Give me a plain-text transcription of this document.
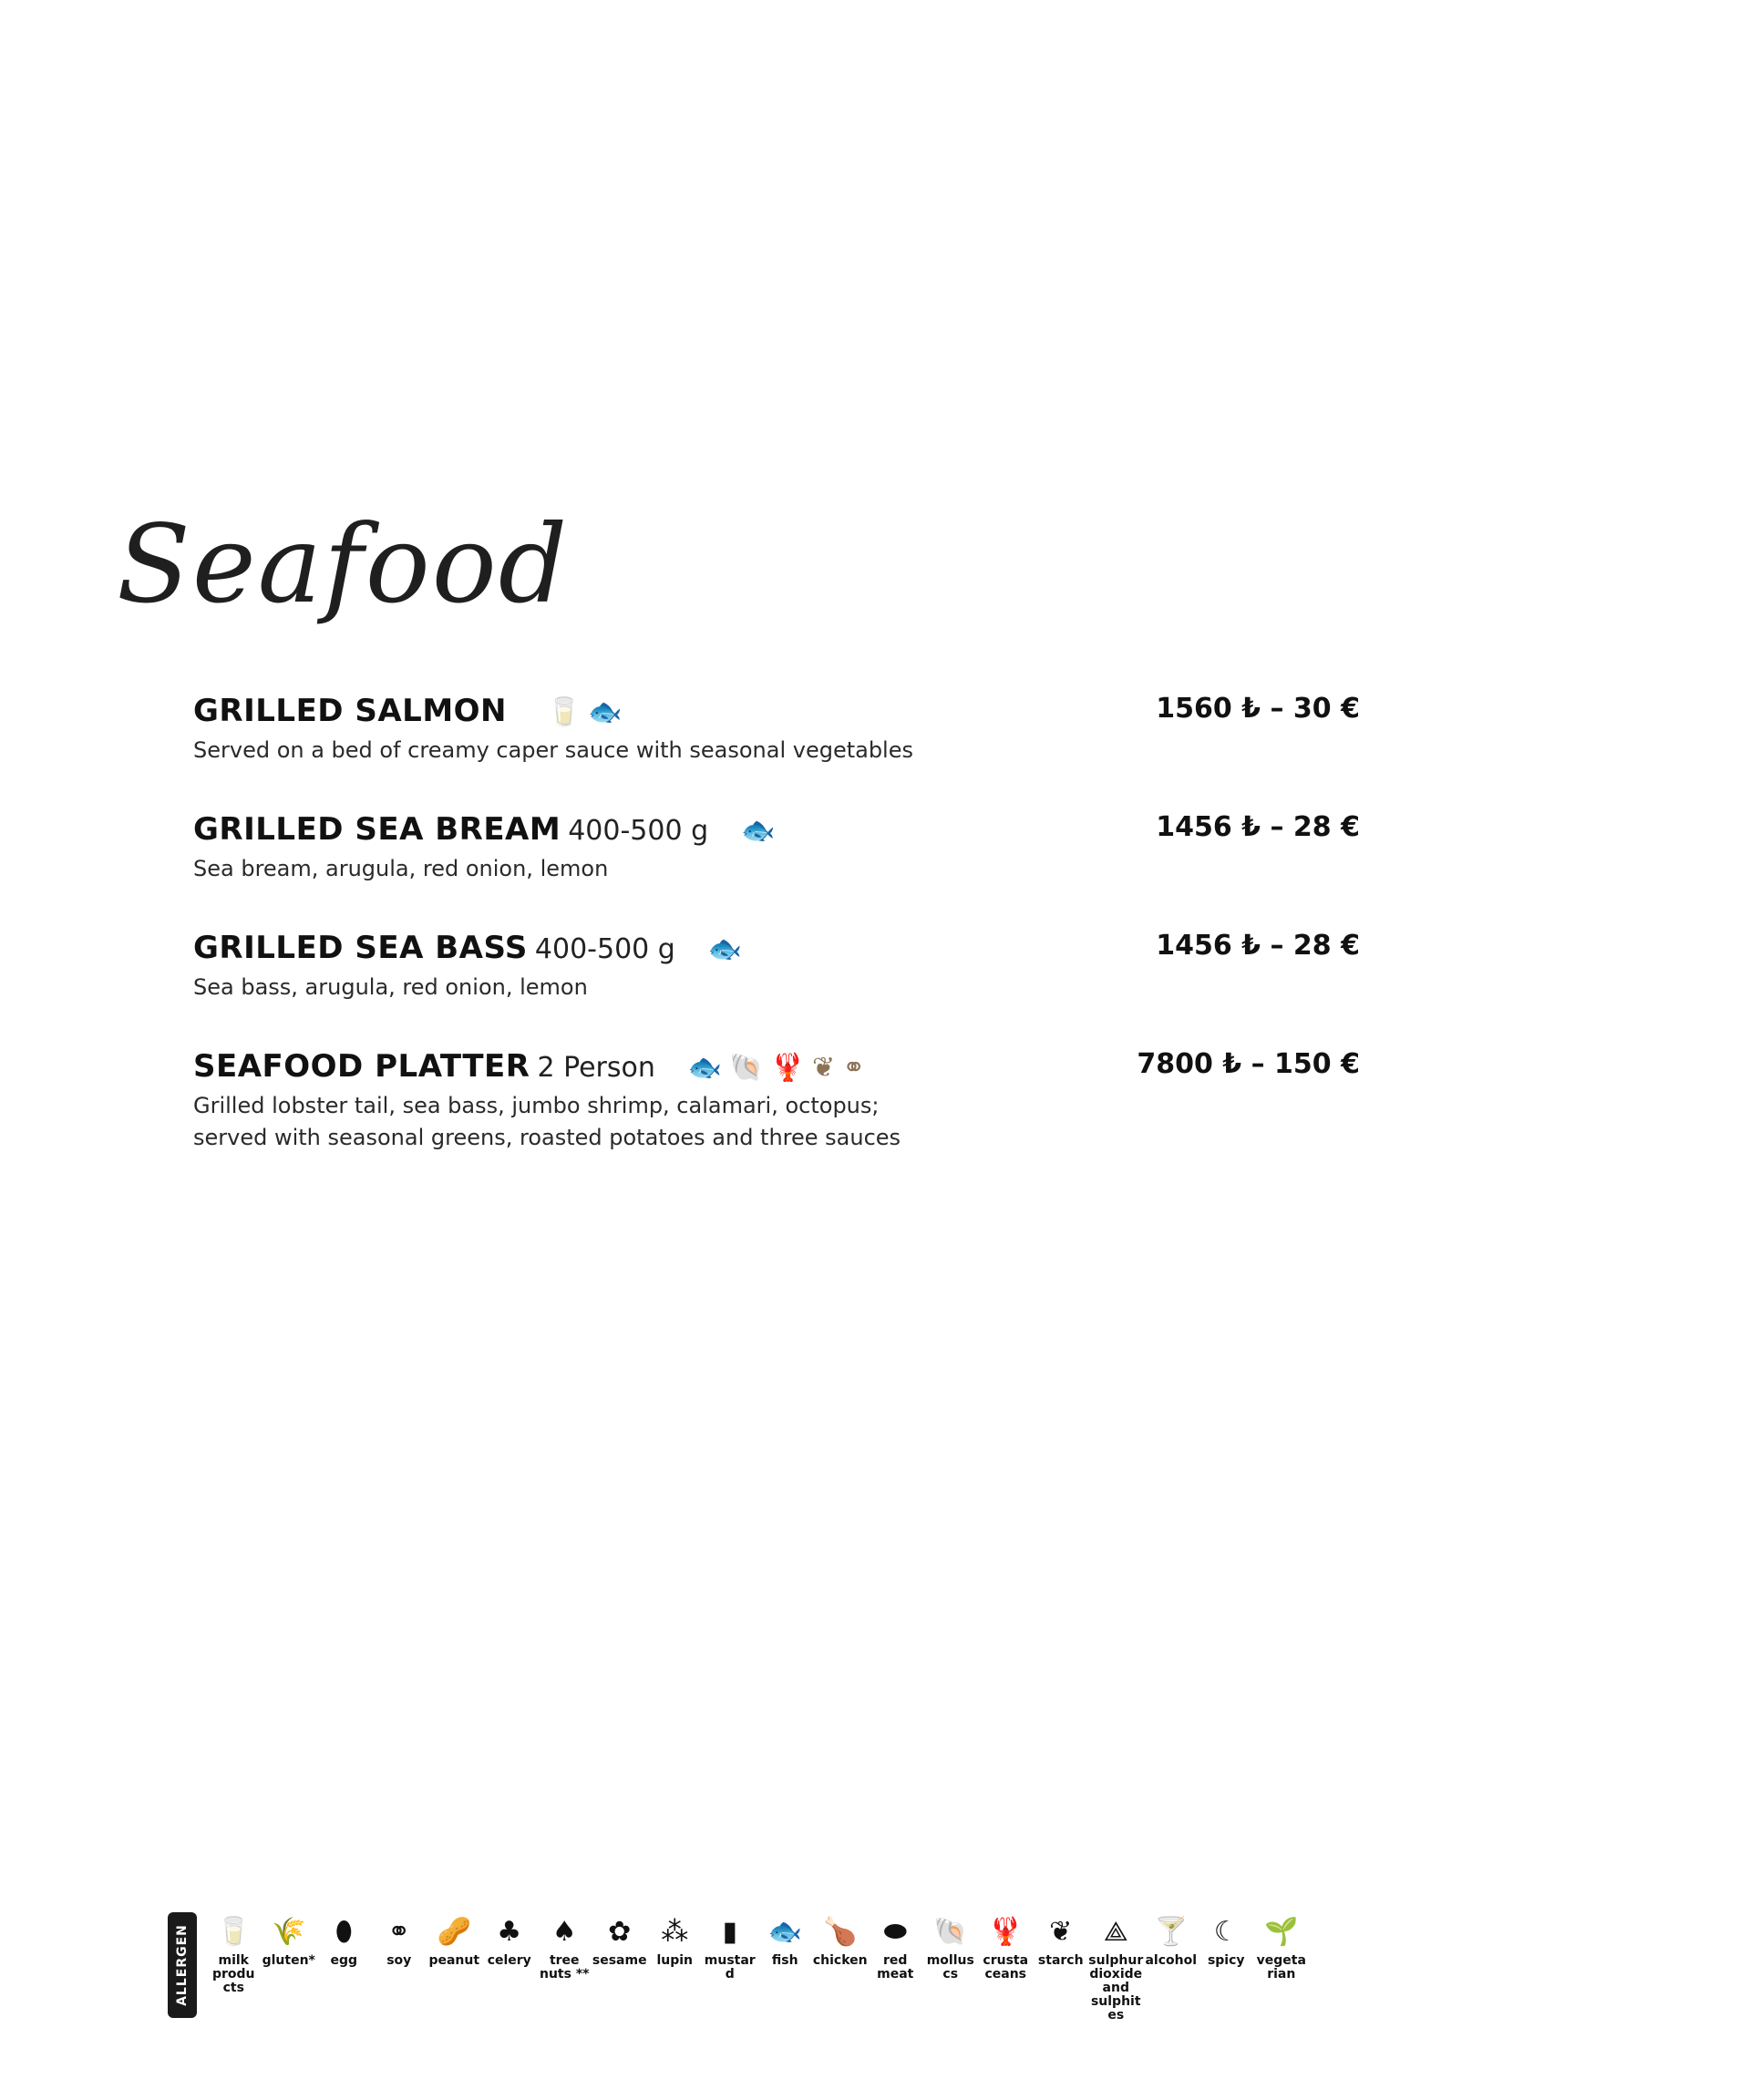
Seafood
GRILLED SALMON 🥛 🐟	1560 ₺ – 30 €
Served on a bed of creamy caper sauce with seasonal vegetables
GRILLED SEA BREAM 400-500 g 🐟	1456 ₺ – 28 €
Sea bream, arugula, red onion, lemon
GRILLED SEA BASS 400-500 g 🐟	1456 ₺ – 28 €
Sea bass, arugula, red onion, lemon
SEAFOOD PLATTER 2 Person 🐟 🐚 🦞 ❦ ⚭	7800 ₺ – 150 €
Grilled lobster tail, sea bass, jumbo shrimp, calamari, octopus; served with seasonal greens, roasted potatoes and three sauces
ALLERGEN 🥛
milk produ cts
🌾
gluten*
⬮
egg
⚭
soy
🥜
peanut
♣
celery
♠
tree nuts **
✿
sesame
⁂
lupin
▮
mustard
🐟
fish
🍗
chicken
⬬
red meat
🐚
molluscs
🦞
crusta ceans
❦
starch
⟁
sulphur dioxide and sulphites
🍸
alcohol
☾
spicy
🌱
vegetarian
